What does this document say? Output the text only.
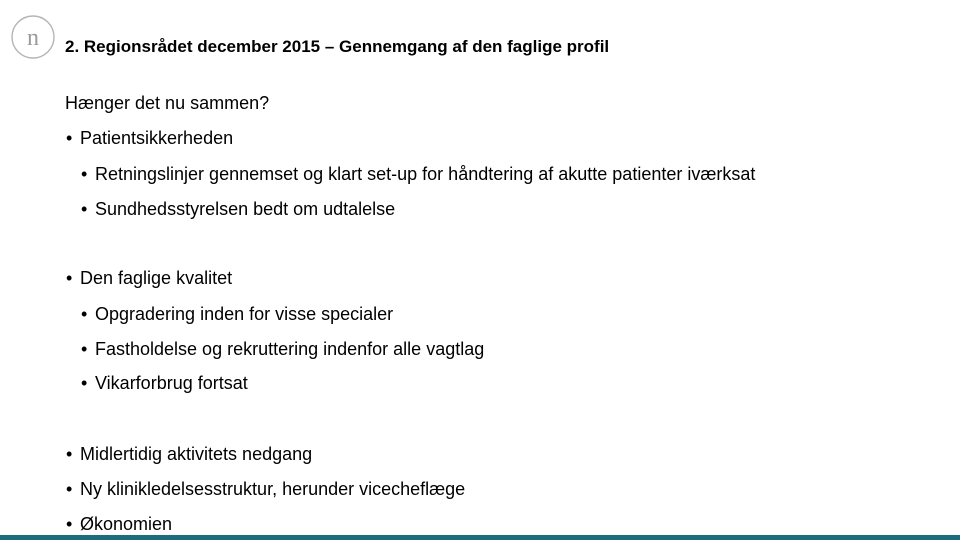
n 2. Regionsrådet december 2015 – Gennemgang af den faglige profil
Hænger det nu sammen?
• Patientsikkerheden
• Retningslinjer gennemset og klart set-up for håndtering af akutte patienter iværksat
• Sundhedsstyrelsen bedt om udtalelse
• Den faglige kvalitet
• Opgradering inden for visse specialer
• Fastholdelse og rekruttering indenfor alle vagtlag
• Vikarforbrug fortsat
• Midlertidig aktivitets nedgang
• Ny klinikledelsesstruktur, herunder vicecheflæge
• Økonomien
